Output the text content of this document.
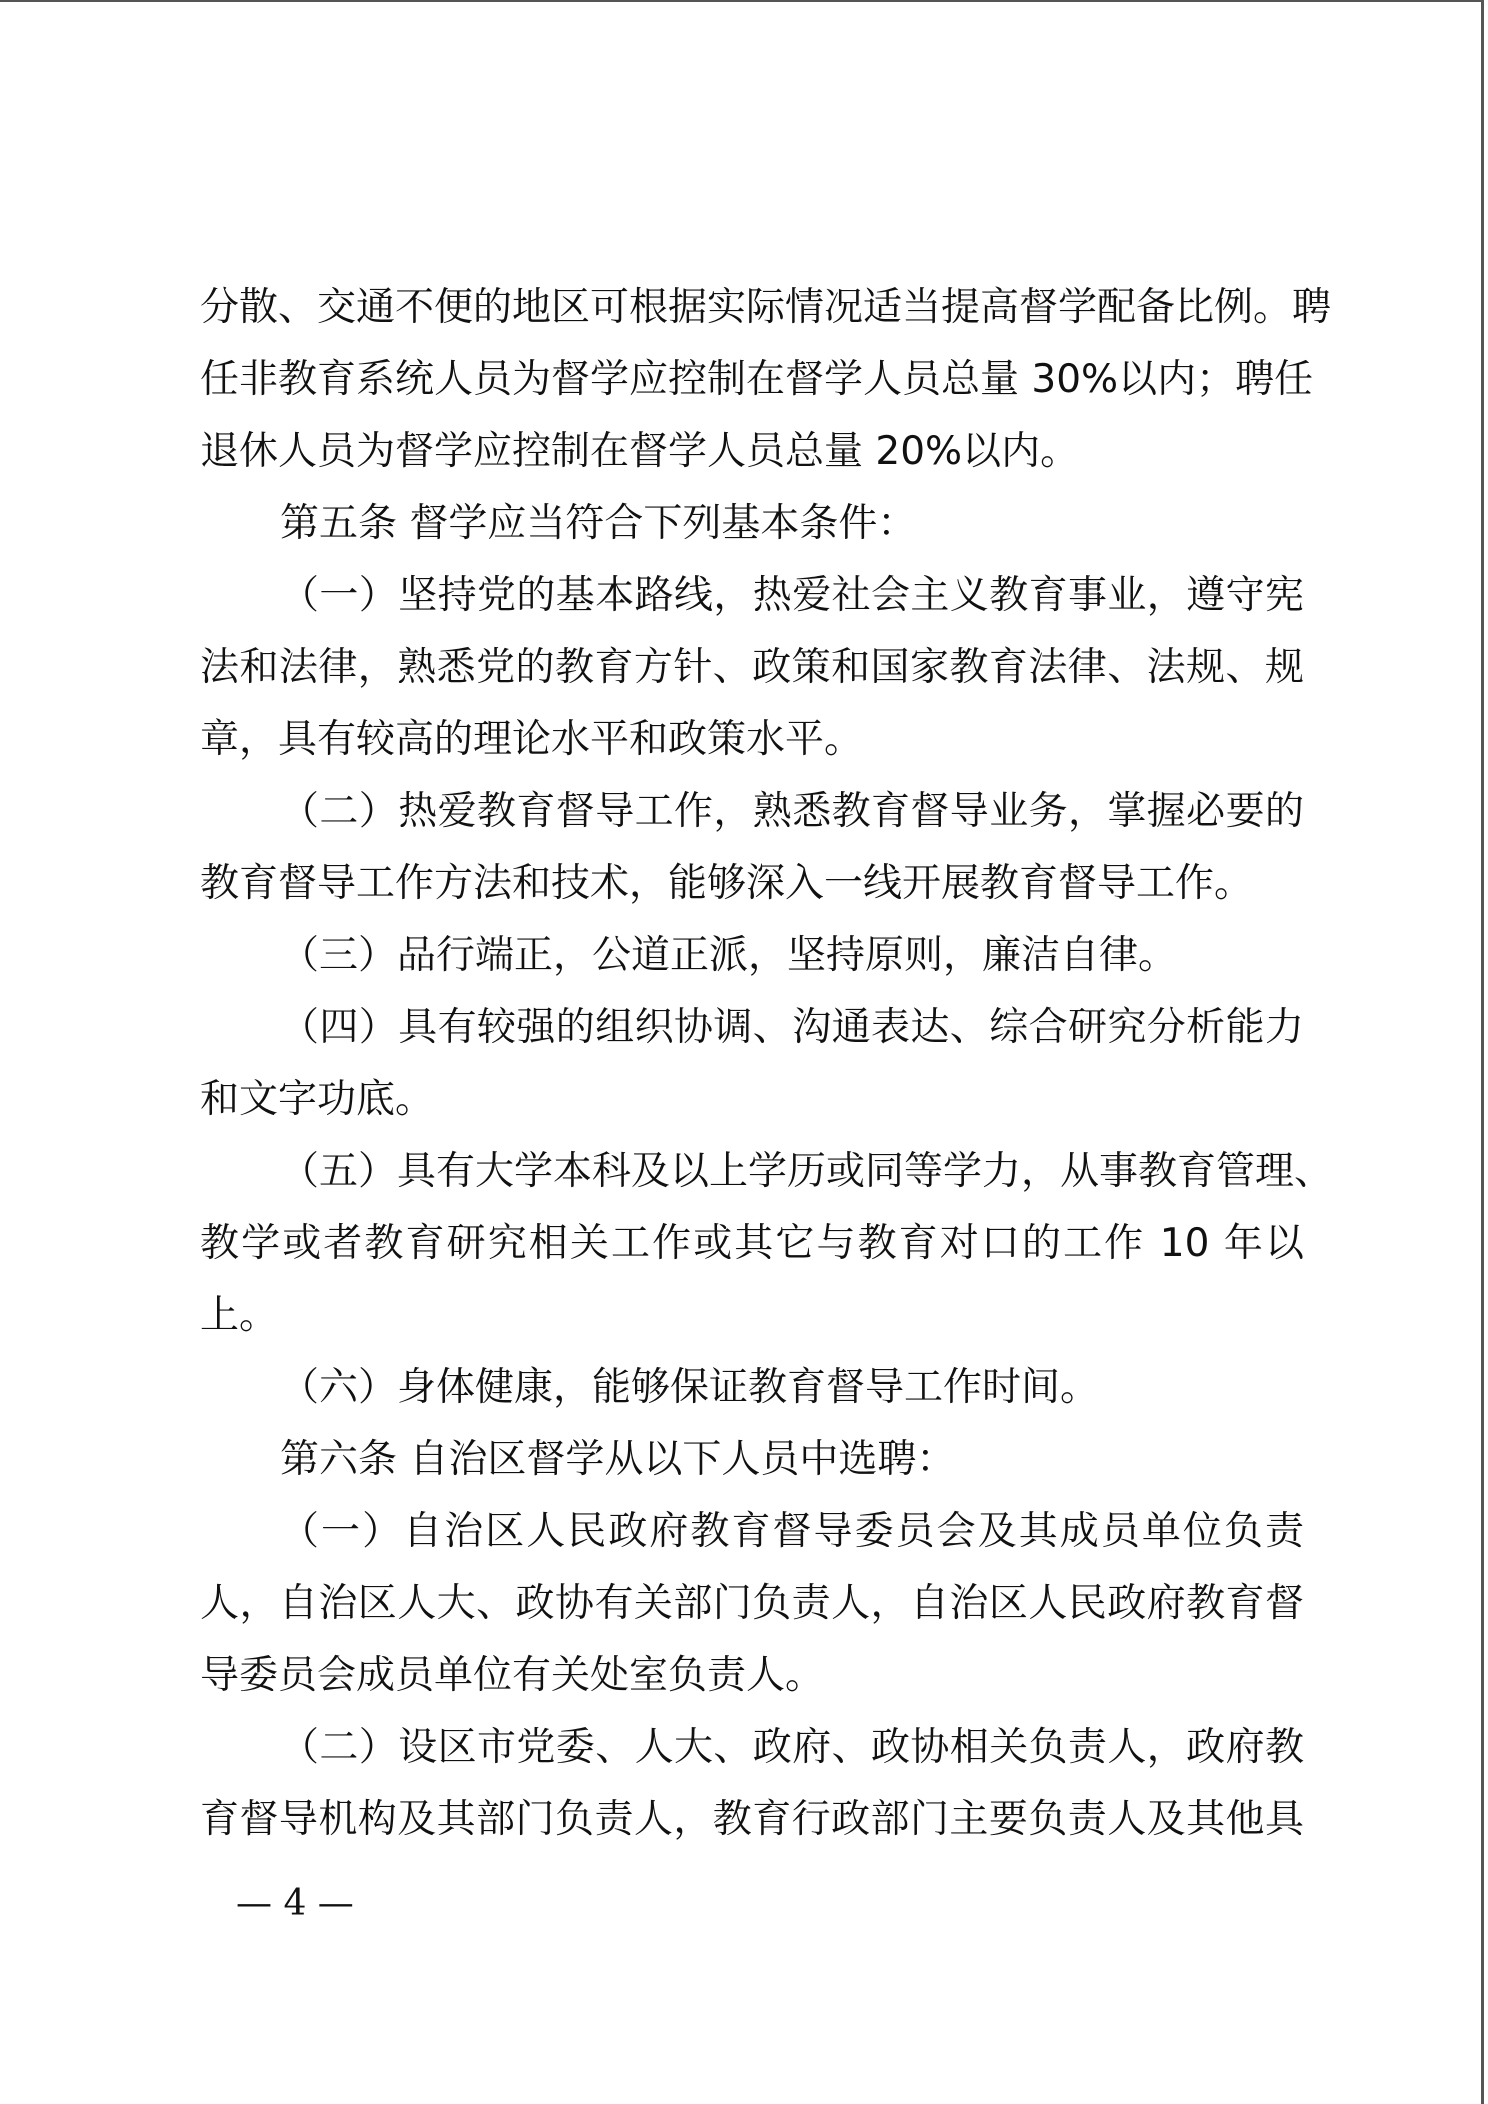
分散、交通不便的地区可根据实际情况适当提高督学配备比例。聘
任非教育系统人员为督学应控制在督学人员总量 30%以内；聘任
退休人员为督学应控制在督学人员总量 20%以内。
第五条 督学应当符合下列基本条件：
（一）坚持党的基本路线，热爱社会主义教育事业，遵守宪
法和法律，熟悉党的教育方针、政策和国家教育法律、法规、规
章，具有较高的理论水平和政策水平。
（二）热爱教育督导工作，熟悉教育督导业务，掌握必要的
教育督导工作方法和技术，能够深入一线开展教育督导工作。
（三）品行端正，公道正派，坚持原则，廉洁自律。
（四）具有较强的组织协调、沟通表达、综合研究分析能力
和文字功底。
（五）具有大学本科及以上学历或同等学力，从事教育管理、
教学或者教育研究相关工作或其它与教育对口的工作 10 年以
上。
（六）身体健康，能够保证教育督导工作时间。
第六条 自治区督学从以下人员中选聘：
（一）自治区人民政府教育督导委员会及其成员单位负责
人，自治区人大、政协有关部门负责人，自治区人民政府教育督
导委员会成员单位有关处室负责人。
（二）设区市党委、人大、政府、政协相关负责人，政府教
育督导机构及其部门负责人，教育行政部门主要负责人及其他具
— 4 —
